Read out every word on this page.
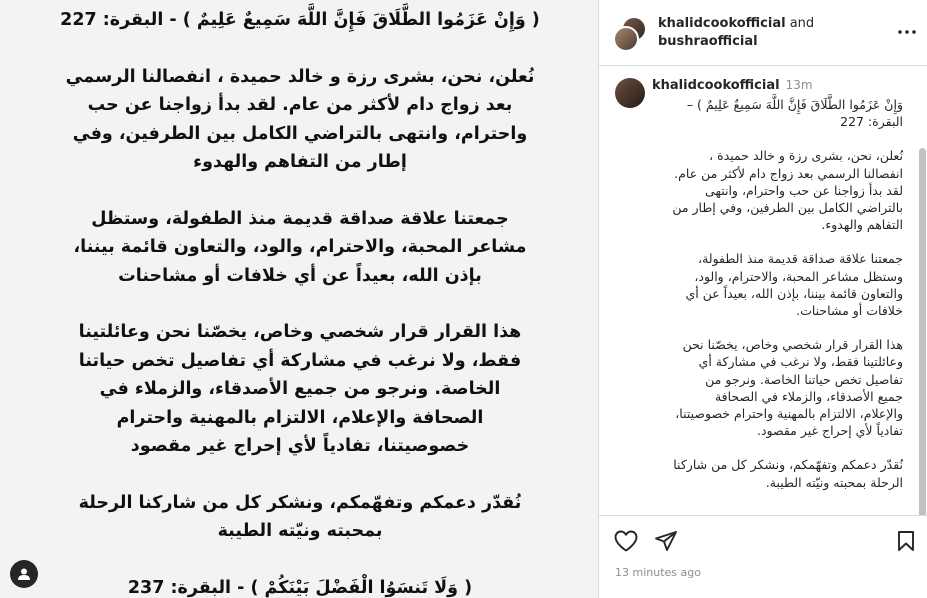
( وَإِنْ عَزَمُوا الطَّلَاقَ فَإِنَّ اللَّهَ سَمِيعٌ عَلِيمٌ ) - البقرة: 227

نُعلن، نحن، بشرى رزة و خالد حميدة ، انفصالنا الرسمي

بعد زواج دام لأكثر من عام. لقد بدأ زواجنا عن حب

واحترام، وانتهى بالتراضي الكامل بين الطرفين، وفي

إطار من التفاهم والهدوء

جمعتنا علاقة صداقة قديمة منذ الطفولة، وستظل

مشاعر المحبة، والاحترام، والود، والتعاون قائمة بيننا،

بإذن الله، بعيداً عن أي خلافات أو مشاحنات

هذا القرار قرار شخصي وخاص، يخصّنا نحن وعائلتينا

فقط، ولا نرغب في مشاركة أي تفاصيل تخص حياتنا

الخاصة. ونرجو من جميع الأصدقاء، والزملاء في

الصحافة والإعلام، الالتزام بالمهنية واحترام

خصوصيتنا، تفادياً لأي إحراج غير مقصود

نُقدّر دعمكم وتفهّمكم، ونشكر كل من شاركنا الرحلة

بمحبته ونيّته الطيبة

( وَلَا تَنسَوُا الْفَضْلَ بَيْنَكُمْ ) - البقرة: 237

khalidcookofficial and
bushraofficial
khalidcookofficial 13m

وَإِنْ عَزَمُوا الطَّلَاقَ فَإِنَّ اللَّهَ سَمِيعٌ عَلِيمٌ ) –

البقرة: 227

نُعلن، نحن، بشرى رزة و خالد حميدة ،

انفصالنا الرسمي بعد زواج دام لأكثر من عام.

لقد بدأ زواجنا عن حب واحترام، وانتهى

بالتراضي الكامل بين الطرفين، وفي إطار من

التفاهم والهدوء.

جمعتنا علاقة صداقة قديمة منذ الطفولة،

وستظل مشاعر المحبة، والاحترام، والود،

والتعاون قائمة بيننا، بإذن الله، بعيداً عن أي

خلافات أو مشاحنات.

هذا القرار قرار شخصي وخاص، يخصّنا نحن

وعائلتينا فقط، ولا نرغب في مشاركة أي

تفاصيل تخص حياتنا الخاصة. ونرجو من

جميع الأصدقاء، والزملاء في الصحافة

والإعلام، الالتزام بالمهنية واحترام خصوصيتنا،

تفادياً لأي إحراج غير مقصود.

نُقدّر دعمكم وتفهّمكم، ونشكر كل من شاركنا

الرحلة بمحبته ونيّته الطيبة.

13 minutes ago
